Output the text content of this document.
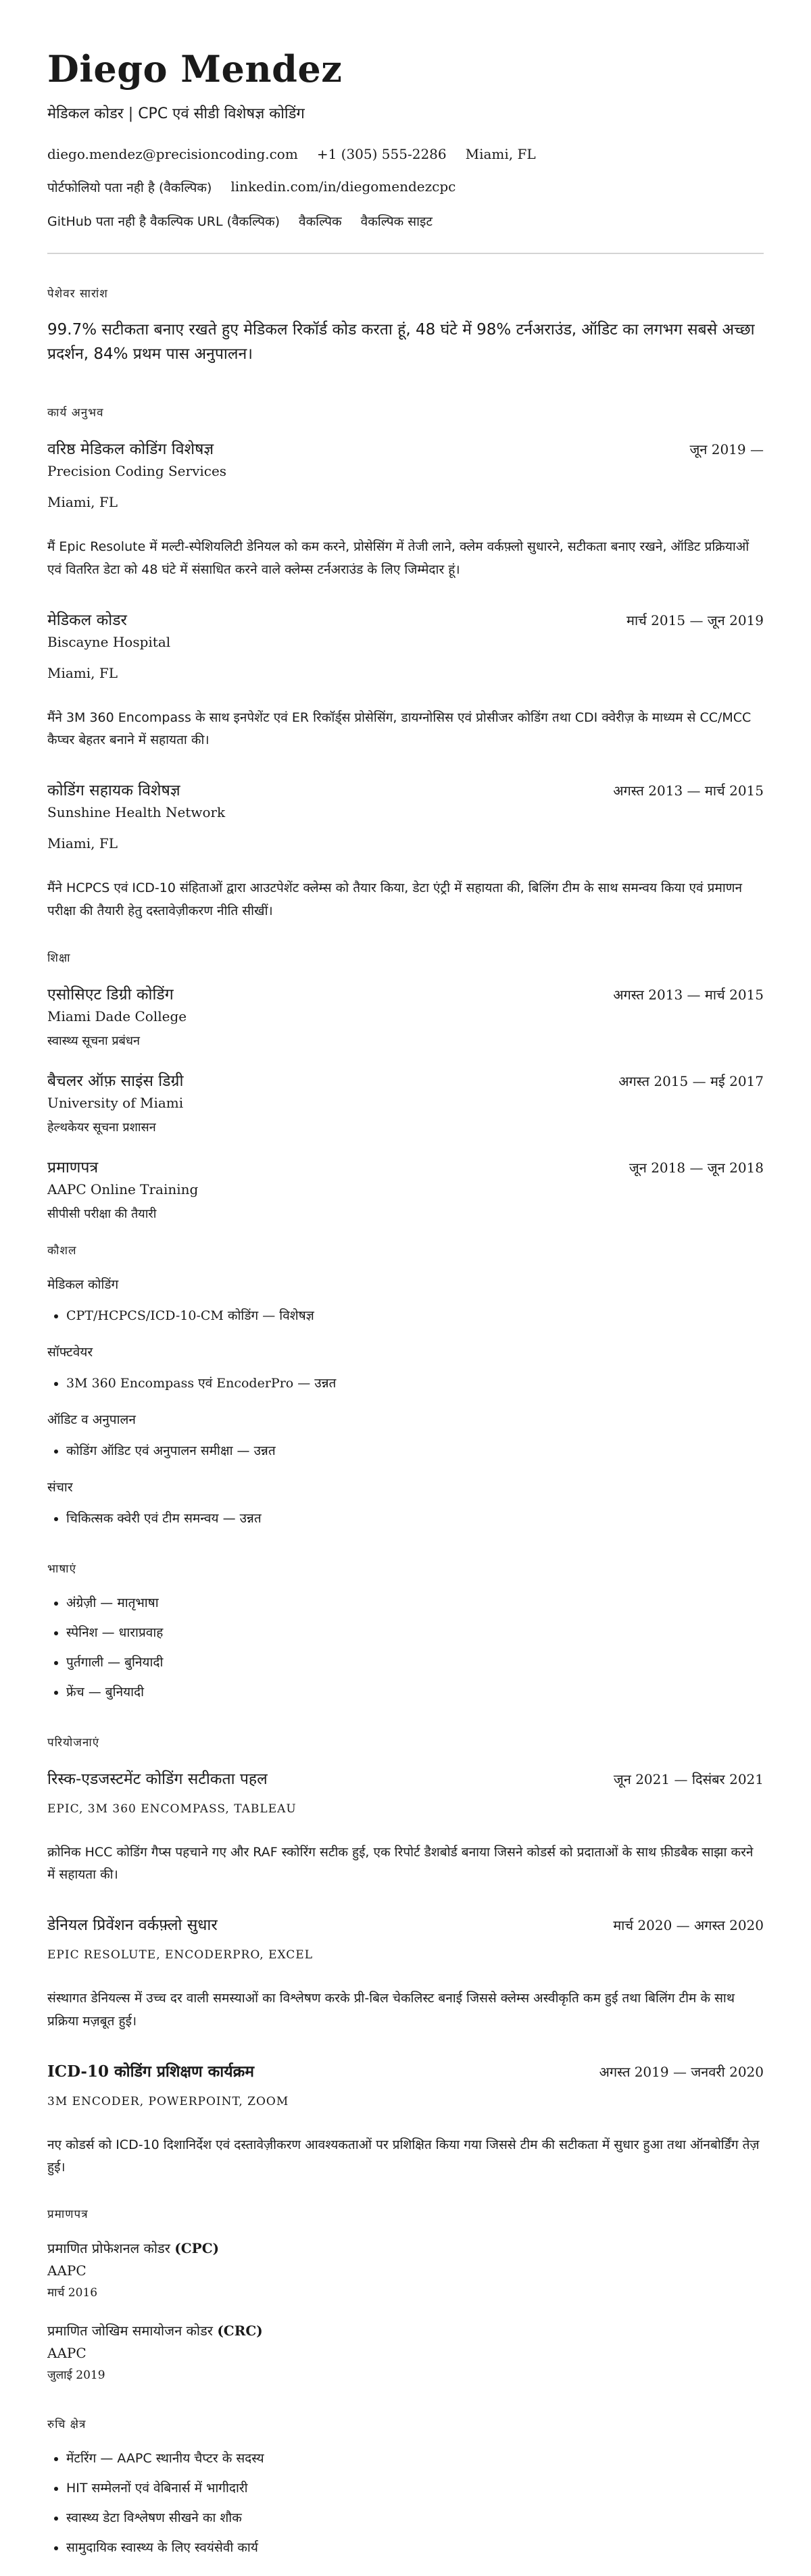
Diego Mendez
मेडिकल कोडर | CPC एवं सीडी विशेषज्ञ कोडिंग
diego.mendez@precisioncoding.com +1 (305) 555-2286 Miami, FL
पोर्टफोलियो पता नही है (वैकल्पिक) linkedin.com/in/diegomendezcpc
GitHub पता नही है वैकल्पिक URL (वैकल्पिक) वैकल्पिक वैकल्पिक साइट
पेशेवर सारांश
99.7% सटीकता बनाए रखते हुए मेडिकल रिकॉर्ड कोड करता हूं, 48 घंटे में 98% टर्नअराउंड, ऑडिट का लगभग सबसे अच्छा प्रदर्शन, 84% प्रथम पास अनुपालन।
कार्य अनुभव
वरिष्ठ मेडिकल कोडिंग विशेषज्ञ	जून 2019 —
Precision Coding Services
Miami, FL
मैं Epic Resolute में मल्टी-स्पेशियलिटी डेनियल को कम करने, प्रोसेसिंग में तेजी लाने, क्लेम वर्कफ़्लो सुधारने, सटीकता बनाए रखने, ऑडिट प्रक्रियाओं एवं वितरित डेटा को 48 घंटे में संसाधित करने वाले क्लेम्स टर्नअराउंड के लिए जिम्मेदार हूं।
मेडिकल कोडर	मार्च 2015 — जून 2019
Biscayne Hospital
Miami, FL
मैंने 3M 360 Encompass के साथ इनपेशेंट एवं ER रिकॉर्ड्स प्रोसेसिंग, डायग्नोसिस एवं प्रोसीजर कोडिंग तथा CDI क्वेरीज़ के माध्यम से CC/MCC कैप्चर बेहतर बनाने में सहायता की।
कोडिंग सहायक विशेषज्ञ	अगस्त 2013 — मार्च 2015
Sunshine Health Network
Miami, FL
मैंने HCPCS एवं ICD-10 संहिताओं द्वारा आउटपेशेंट क्लेम्स को तैयार किया, डेटा एंट्री में सहायता की, बिलिंग टीम के साथ समन्वय किया एवं प्रमाणन परीक्षा की तैयारी हेतु दस्तावेज़ीकरण नीति सीखीं।
शिक्षा
एसोसिएट डिग्री कोडिंग	अगस्त 2013 — मार्च 2015
Miami Dade College
स्वास्थ्य सूचना प्रबंधन
बैचलर ऑफ़ साइंस डिग्री	अगस्त 2015 — मई 2017
University of Miami
हेल्थकेयर सूचना प्रशासन
प्रमाणपत्र	जून 2018 — जून 2018
AAPC Online Training
सीपीसी परीक्षा की तैयारी
कौशल
मेडिकल कोडिंग
• CPT/HCPCS/ICD-10-CM कोडिंग — विशेषज्ञ
सॉफ्टवेयर
• 3M 360 Encompass एवं EncoderPro — उन्नत
ऑडिट व अनुपालन
• कोडिंग ऑडिट एवं अनुपालन समीक्षा — उन्नत
संचार
• चिकित्सक क्वेरी एवं टीम समन्वय — उन्नत
भाषाएं
• अंग्रेज़ी — मातृभाषा
• स्पेनिश — धाराप्रवाह
• पुर्तगाली — बुनियादी
• फ्रेंच — बुनियादी
परियोजनाएं
रिस्क-एडजस्टमेंट कोडिंग सटीकता पहल	जून 2021 — दिसंबर 2021
EPIC, 3M 360 ENCOMPASS, TABLEAU
क्रोनिक HCC कोडिंग गैप्स पहचाने गए और RAF स्कोरिंग सटीक हुई, एक रिपोर्ट डैशबोर्ड बनाया जिसने कोडर्स को प्रदाताओं के साथ फ़ीडबैक साझा करने में सहायता की।
डेनियल प्रिवेंशन वर्कफ़्लो सुधार	मार्च 2020 — अगस्त 2020
EPIC RESOLUTE, ENCODERPRO, EXCEL
संस्थागत डेनियल्स में उच्च दर वाली समस्याओं का विश्लेषण करके प्री-बिल चेकलिस्ट बनाई जिससे क्लेम्स अस्वीकृति कम हुई तथा बिलिंग टीम के साथ प्रक्रिया मज़बूत हुई।
ICD-10 कोडिंग प्रशिक्षण कार्यक्रम	अगस्त 2019 — जनवरी 2020
3M ENCODER, POWERPOINT, ZOOM
नए कोडर्स को ICD-10 दिशानिर्देश एवं दस्तावेज़ीकरण आवश्यकताओं पर प्रशिक्षित किया गया जिससे टीम की सटीकता में सुधार हुआ तथा ऑनबोर्डिंग तेज़ हुई।
प्रमाणपत्र
प्रमाणित प्रोफेशनल कोडर (CPC)
AAPC
मार्च 2016
प्रमाणित जोखिम समायोजन कोडर (CRC)
AAPC
जुलाई 2019
रुचि क्षेत्र
• मेंटरिंग — AAPC स्थानीय चैप्टर के सदस्य
• HIT सम्मेलनों एवं वेबिनार्स में भागीदारी
• स्वास्थ्य डेटा विश्लेषण सीखने का शौक
• सामुदायिक स्वास्थ्य के लिए स्वयंसेवी कार्य
